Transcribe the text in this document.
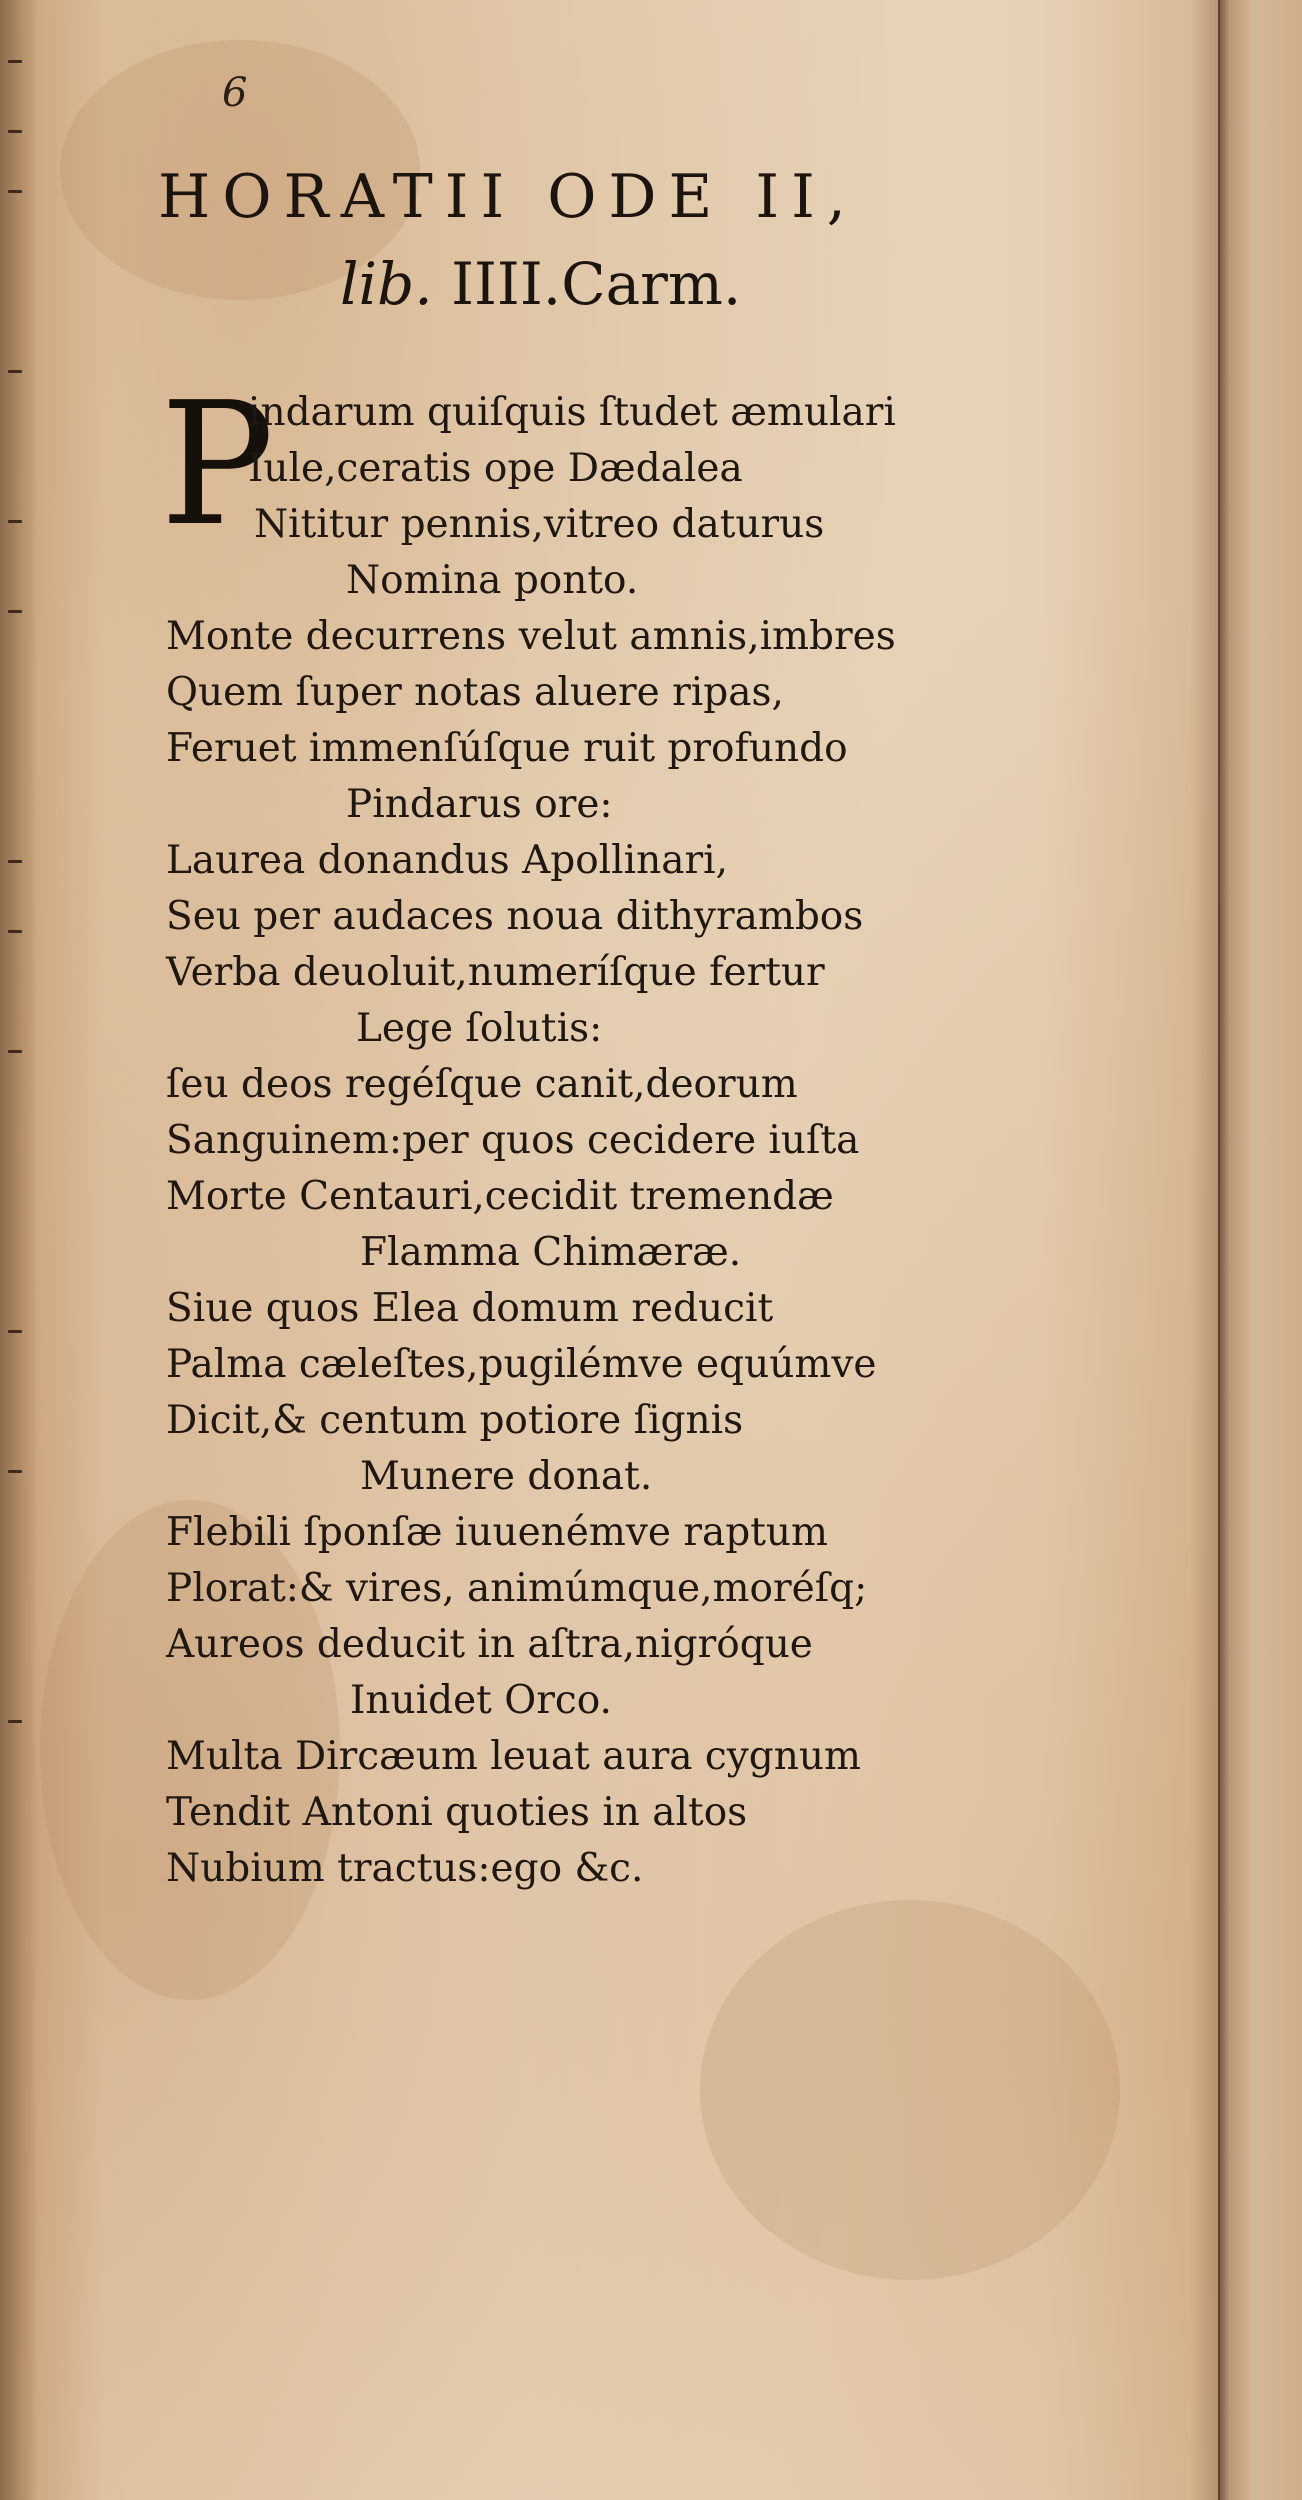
6
HORATII ODE II,
lib. IIII.Carm.
P
indarum quiſquis ſtudet æmulari
Iule,ceratis ope Dædalea
Nititur pennis,vitreo daturus
Nomina ponto.
Monte decurrens velut amnis,imbres
Quem ſuper notas aluere ripas,
Feruet immenſúſque ruit profundo
Pindarus ore:
Laurea donandus Apollinari,
Seu per audaces noua dithyrambos
Verba deuoluit,numeríſque fertur
Lege ſolutis:
ſeu deos regéſque canit,deorum
Sanguinem:per quos cecidere iuſta
Morte Centauri,cecidit tremendæ
Flamma Chimæræ.
Siue quos Elea domum reducit
Palma cæleſtes,pugilémve equúmve
Dicit,& centum potiore ſignis
Munere donat.
Flebili ſponſæ iuuenémve raptum
Plorat:& vires, animúmque,moréſq;
Aureos deducit in aſtra,nigróque
Inuidet Orco.
Multa Dircæum leuat aura cygnum
Tendit Antoni quoties in altos
Nubium tractus:ego &c.
